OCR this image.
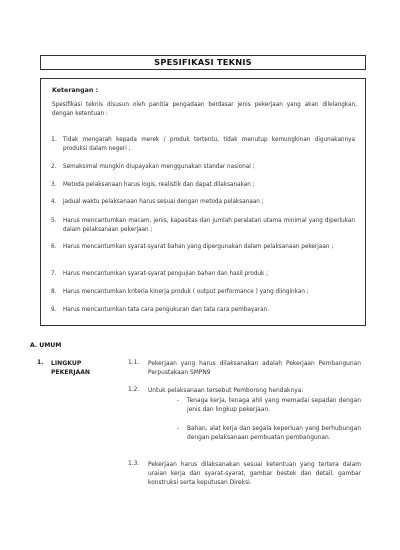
SPESIFIKASI TEKNIS
Keterangan :
Spesifikasi teknis disusun oleh panitia pengadaan berdasar jenis pekerjaan yang akan dilelangkan, dengan ketentuan :
1. Tidak mengarah kepada merek / produk tertentu, tidak menutup kemungkinan digunakannya produksi dalam negeri ;
2. Semaksimal mungkin diupayakan menggunakan standar nasional ;
3. Metoda pelaksanaan harus logis, realistik dan dapat dilaksanakan ;
4. Jadual waktu pelaksanaan harus sesuai dengan metoda pelaksanaan ;
5. Harus mencantumkan macam, jenis, kapasitas dan jumlah peralatan utama minimal yang diperlukan dalam pelaksanaan pekerjaan ;
6. Harus mencantumkan syarat-syarat bahan yang dipergunakan dalam pelaksanaan pekerjaan ;
7. Harus mencantumkan syarat-syarat pengujian bahan dan hasil produk ;
8. Harus mencantumkan kriteria kinerja produk ( output performance ) yang diinginkan ;
9. Harus mencantumkan tata cara pengukuran dan tata cara pembayaran.
A. UMUM
1. LINGKUP PEKERJAAN
1.1. Pekerjaan yang harus dilaksanakan adalah Pekerjaan Pembangunan Perpustakaan SMPN9
1.2. Untuk pelaksanaan tersebut Pemborong hendaknya:
- Tenaga kerja, tenaga ahli yang memadai sepadan dengan jenis dan lingkup pekerjaan.
- Bahan, alat kerja dan segala keperluan yang berhubungan dengan pelaksanaan pembuatan pembangunan.
1.3. Pekerjaan harus dilaksanakan sesuai ketentuan yang tertera dalam uraian kerja dan syarat-syarat, gambar bestek dan detail, gambar konstruksi serta keputusan Direksi.
